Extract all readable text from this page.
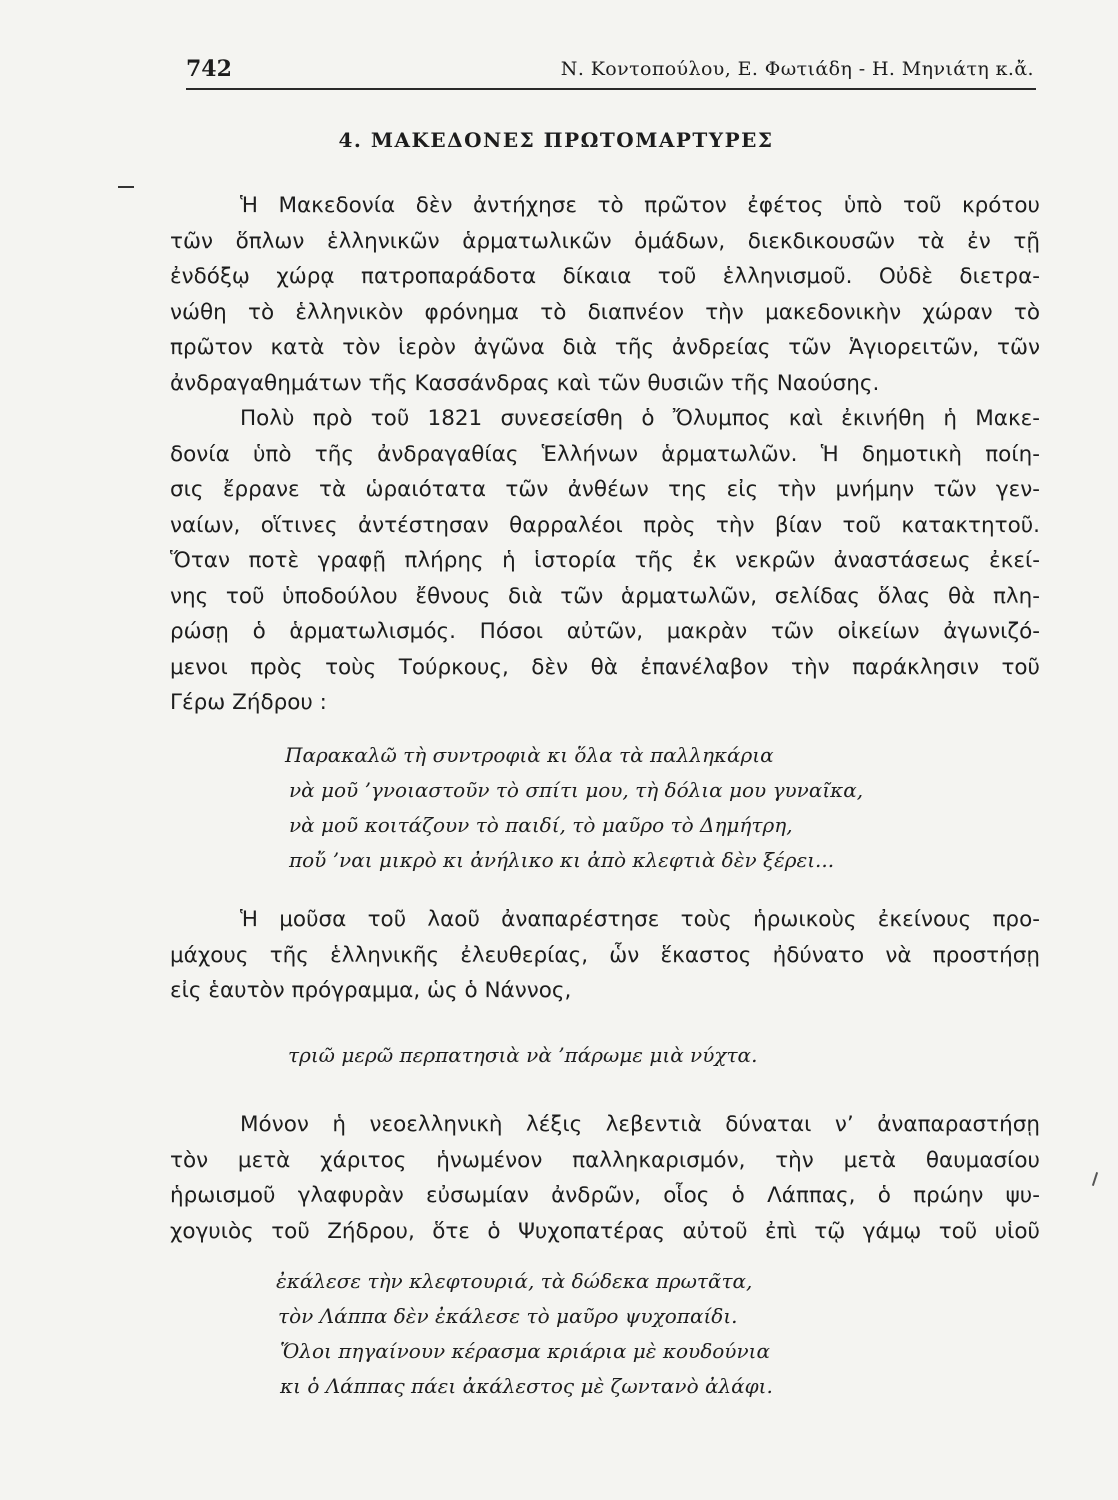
742	Ν. Κοντοπούλου, Ε. Φωτιάδη - Η. Μηνιάτη κ.ἄ.
4. ΜΑΚΕΔΟΝΕΣ ΠΡΩΤΟΜΑΡΤΥΡΕΣ
Ἡ Μακεδονία δὲν ἀντήχησε τὸ πρῶτον ἐφέτος ὑπὸ τοῦ κρότου
τῶν ὅπλων ἑλληνικῶν ἁρματωλικῶν ὁμάδων, διεκδικουσῶν τὰ ἐν τῇ
ἐνδόξῳ χώρᾳ πατροπαράδοτα δίκαια τοῦ ἑλληνισμοῦ. Οὐδὲ διετρα-
νώθη τὸ ἑλληνικὸν φρόνημα τὸ διαπνέον τὴν μακεδονικὴν χώραν τὸ
πρῶτον κατὰ τὸν ἱερὸν ἀγῶνα διὰ τῆς ἀνδρείας τῶν Ἁγιορειτῶν, τῶν
ἀνδραγαθημάτων τῆς Κασσάνδρας καὶ τῶν θυσιῶν τῆς Ναούσης.
Πολὺ πρὸ τοῦ 1821 συνεσείσθη ὁ Ὄλυμπος καὶ ἐκινήθη ἡ Μακε-
δονία ὑπὸ τῆς ἀνδραγαθίας Ἑλλήνων ἁρματωλῶν. Ἡ δημοτικὴ ποίη-
σις ἔρρανε τὰ ὡραιότατα τῶν ἀνθέων της εἰς τὴν μνήμην τῶν γεν-
ναίων, οἵτινες ἀντέστησαν θαρραλέοι πρὸς τὴν βίαν τοῦ κατακτητοῦ.
Ὅταν ποτὲ γραφῇ πλήρης ἡ ἱστορία τῆς ἐκ νεκρῶν ἀναστάσεως ἐκεί-
νης τοῦ ὑποδούλου ἔθνους διὰ τῶν ἁρματωλῶν, σελίδας ὅλας θὰ πλη-
ρώσῃ ὁ ἁρματωλισμός. Πόσοι αὐτῶν, μακρὰν τῶν οἰκείων ἀγωνιζό-
μενοι πρὸς τοὺς Τούρκους, δὲν θὰ ἐπανέλαβον τὴν παράκλησιν τοῦ
Γέρω Ζήδρου :
Παρακαλῶ τὴ συντροφιὰ κι ὅλα τὰ παλληκάρια
νὰ μοῦ ’γνοιαστοῦν τὸ σπίτι μου, τὴ δόλια μου γυναῖκα,
νὰ μοῦ κοιτάζουν τὸ παιδί, τὸ μαῦρο τὸ Δημήτρη,
ποὔ ’ναι μικρὸ κι ἀνήλικο κι ἀπὸ κλεφτιὰ δὲν ξέρει...
Ἡ μοῦσα τοῦ λαοῦ ἀναπαρέστησε τοὺς ἡρωικοὺς ἐκείνους προ-
μάχους τῆς ἑλληνικῆς ἐλευθερίας, ὧν ἕκαστος ἠδύνατο νὰ προστήσῃ
εἰς ἑαυτὸν πρόγραμμα, ὡς ὁ Νάννος,
τριῶ μερῶ περπατησιὰ νὰ ’πάρωμε μιὰ νύχτα.
Μόνον ἡ νεοελληνικὴ λέξις λεβεντιὰ δύναται ν’ ἀναπαραστήσῃ
τὸν μετὰ χάριτος ἡνωμένον παλληκαρισμόν, τὴν μετὰ θαυμασίου
ἡρωισμοῦ γλαφυρὰν εὐσωμίαν ἀνδρῶν, οἷος ὁ Λάππας, ὁ πρώην ψυ-
χογυιὸς τοῦ Ζήδρου, ὅτε ὁ Ψυχοπατέρας αὐτοῦ ἐπὶ τῷ γάμῳ τοῦ υἱοῦ
ἐκάλεσε τὴν κλεφτουριά, τὰ δώδεκα πρωτᾶτα,
τὸν Λάππα δὲν ἐκάλεσε τὸ μαῦρο ψυχοπαίδι.
Ὅλοι πηγαίνουν κέρασμα κριάρια μὲ κουδούνια
κι ὁ Λάππας πάει ἀκάλεστος μὲ ζωντανὸ ἀλάφι.
